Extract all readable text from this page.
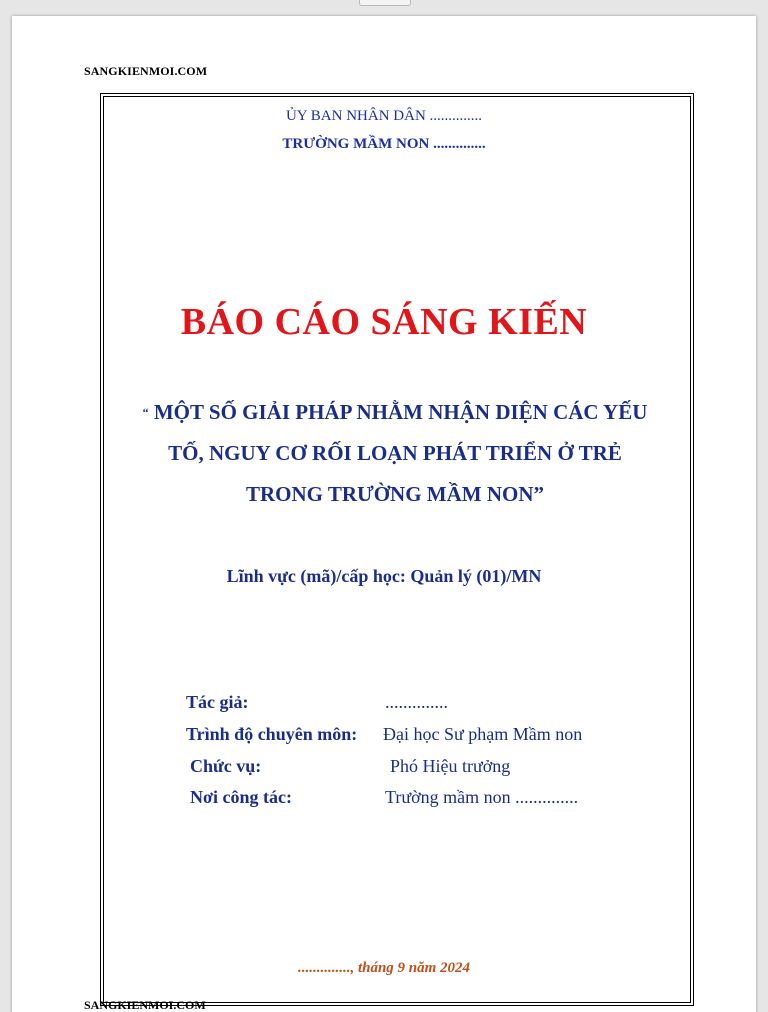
SANGKIENMOI.COM
ỦY BAN NHÂN DÂN ..............
TRƯỜNG MẦM NON ..............
BÁO CÁO SÁNG KIẾN
“ MỘT SỐ GIẢI PHÁP NHẰM NHẬN DIỆN CÁC YẾU
TỐ, NGUY CƠ RỐI LOẠN PHÁT TRIỂN Ở TRẺ
TRONG TRƯỜNG MẦM NON”
Lĩnh vực (mã)/cấp học: Quản lý (01)/MN
Tác giả:	..............
Trình độ chuyên môn: Đại học Sư phạm Mầm non
Chức vụ:	Phó Hiệu trưởng
Nơi công tác:	Trường mầm non ..............
.............., tháng 9 năm 2024
SANGKIENMOI.COM
